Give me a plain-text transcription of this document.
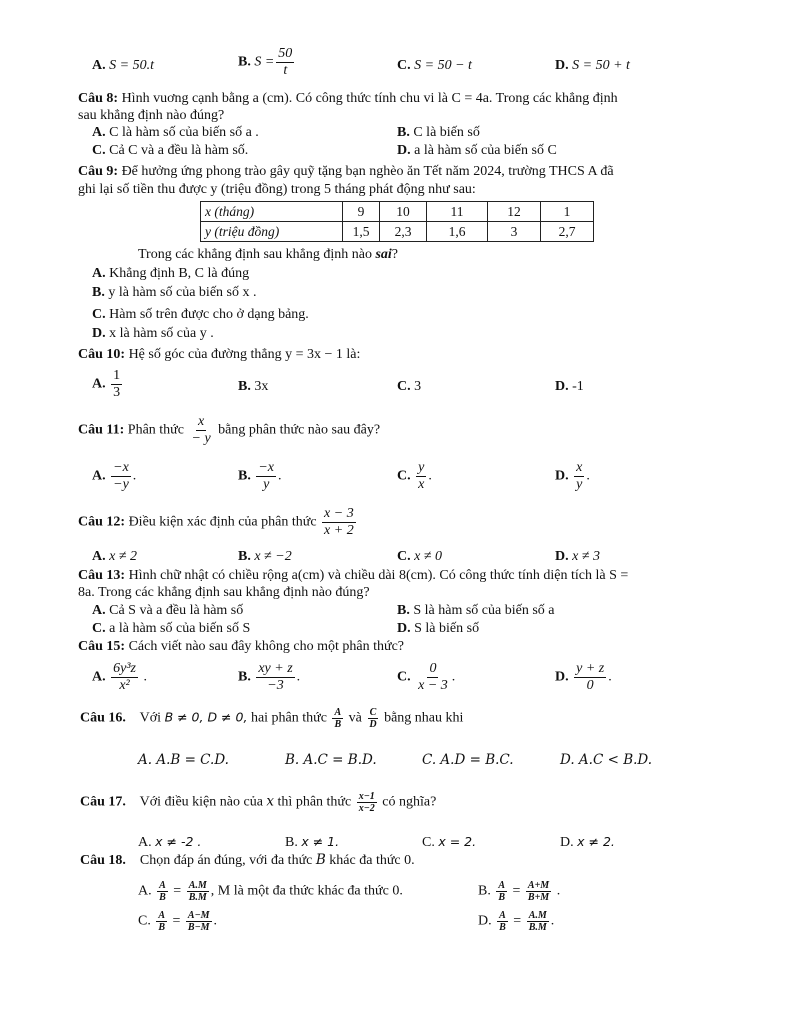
A. S = 50.t	B. $S = \frac{50}{t}$	C. S = 50 − t	D. S = 50 + t
Câu 8: Hình vuơng cạnh bằng a (cm). Có công thức tính chu vi là C = 4a. Trong các khẳng định
sau khẳng định nào đúng?
A. C là hàm số của biến số a .	B. C là biến số
C. Cả C và a đều là hàm số.	D. a là hàm số của biến số C
Câu 9: Để hưởng ứng phong trào gây quỹ tặng bạn nghèo ăn Tết năm 2024, trường THCS A đã
ghi lại số tiền thu được y (triệu đồng) trong 5 tháng phát động như sau:
x (tháng)	9	10	11	12	1
y (triệu đồng)	1,5	2,3	1,6	3	2,7
Trong các khẳng định sau khẳng định nào sai?
A. Khẳng định B, C là đúng
B. y là hàm số của biến số x .
C. Hàm số trên được cho ở dạng bảng.
D. x là hàm số của y .
Câu 10: Hệ số góc của đường thẳng y = 3x − 1 là:
A. $\frac{1}{3}$	B. 3x	C. 3	D. -1
Câu 11: Phân thức $\frac{x}{- y}$ bằng phân thức nào sau đây?
A. $\frac{-x}{-y}$ .	B. $\frac{-x}{y}$ .	C. $\frac{y}{x}$ .	D. $\frac{x}{y}$ .
Câu 12: Điều kiện xác định của phân thức $\frac{x - 3}{x + 2}$
A. x ≠ 2	B. x ≠ −2	C. x ≠ 0	D. x ≠ 3
Câu 13: Hình chữ nhật có chiều rộng a(cm) và chiều dài 8(cm). Có công thức tính diện tích là S =
8a. Trong các khẳng định sau khẳng định nào đúng?
A. Cả S và a đều là hàm số	B. S là hàm số của biến số a
C. a là hàm số của biến số S	D. S là biến số
Câu 15: Cách viết nào sau đây không cho một phân thức?
A. $\frac{\text{6y³z}}{\text{x²}}$ .	B. $\frac{xy + z}{-3}$ .	C. $\frac{0}{x - 3}$ .	D. $\frac{y + z}{0}$ .
Câu 16. Với B ≠ 0, D ≠ 0, hai phân thức $\frac{A}{B}$ và $\frac{C}{D}$ bằng nhau khi
A. A.B = C.D.	B. A.C = B.D.	C. A.D = B.C.	D. A.C < B.D.
Câu 17. Với điều kiện nào của x thì phân thức $\frac{x-1}{x-2}$ có nghĩa?
A. x ≠ -2 .	B. x ≠ 1.	C. x = 2.	D. x ≠ 2.
Câu 18. Chọn đáp án đúng, với đa thức B khác đa thức 0.
A. $\frac{A}{B} = \frac{A.M}{B.M}$ , M là một đa thức khác đa thức 0.	B. $\frac{A}{B} = \frac{A+M}{B+M}$ .
C. $\frac{A}{B} = \frac{A-M}{B-M}$ .	D. $\frac{A}{B} = \frac{A.M}{B.M}$ .
